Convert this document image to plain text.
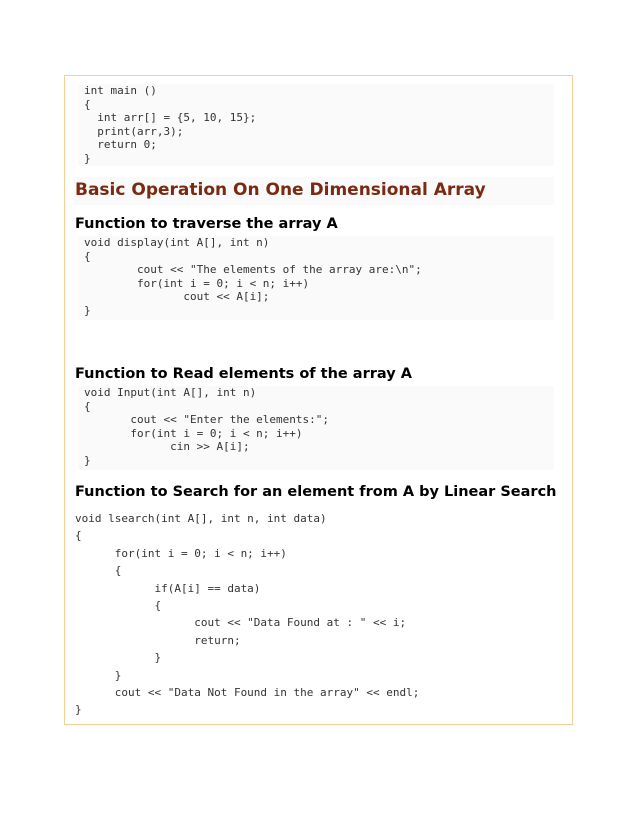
int main ()
{
int arr[] = {5, 10, 15};
print(arr,3);
return 0;
}
Basic Operation On One Dimensional Array
Function to traverse the array A
void display(int A[], int n)
{
cout << "The elements of the array are:\n";
for(int i = 0; i < n; i++)
cout << A[i];
}
Function to Read elements of the array A
void Input(int A[], int n)
{
cout << "Enter the elements:";
for(int i = 0; i < n; i++)
cin >> A[i];
}
Function to Search for an element from A by Linear Search
void lsearch(int A[], int n, int data)
{
for(int i = 0; i < n; i++)
{
if(A[i] == data)
{
cout << "Data Found at : " << i;
return;
}
}
cout << "Data Not Found in the array" << endl;
}
